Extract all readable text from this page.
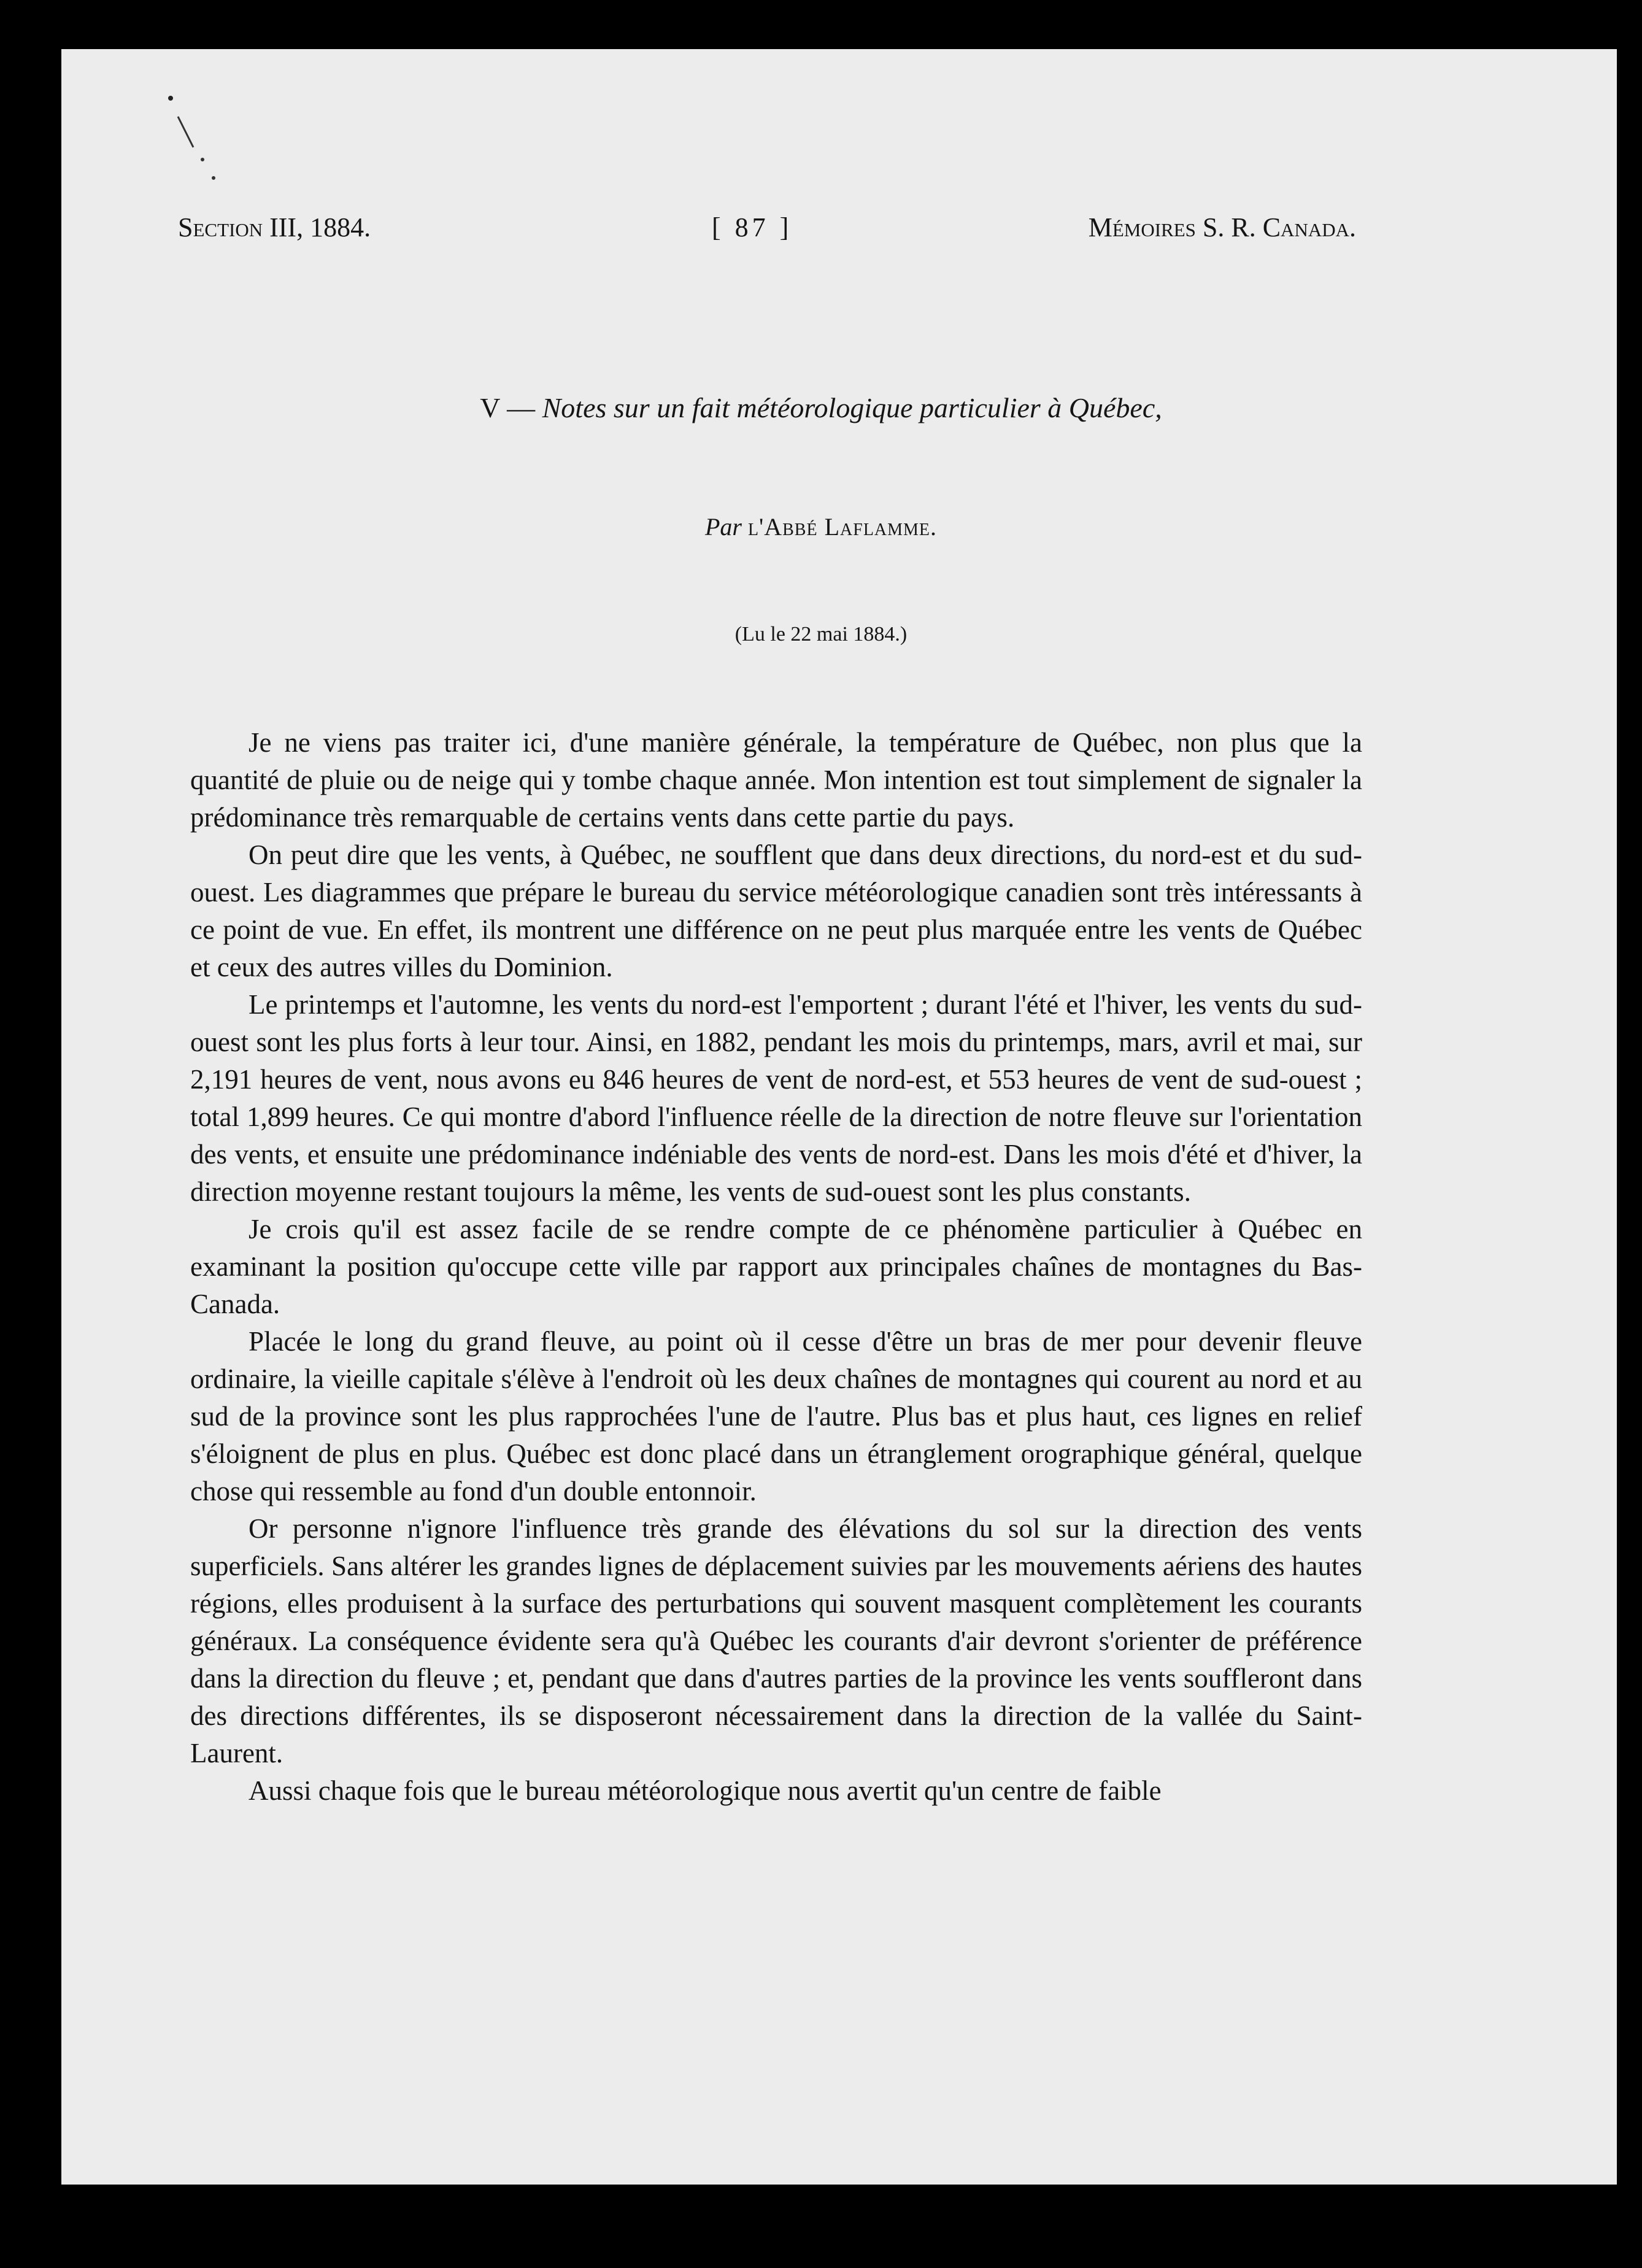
Section III, 1884.	[ 87 ]	Mémoires S. R. Canada.
V — Notes sur un fait météorologique particulier à Québec,
Par l'Abbé Laflamme.
(Lu le 22 mai 1884.)

Je ne viens pas traiter ici, d'une manière générale, la température de Québec, non plus que la quantité de pluie ou de neige qui y tombe chaque année. Mon intention est tout simplement de signaler la prédominance très remarquable de certains vents dans cette partie du pays.

On peut dire que les vents, à Québec, ne soufflent que dans deux directions, du nord-est et du sud-ouest. Les diagrammes que prépare le bureau du service météorologique canadien sont très intéressants à ce point de vue. En effet, ils montrent une différence on ne peut plus marquée entre les vents de Québec et ceux des autres villes du Dominion.

Le printemps et l'automne, les vents du nord-est l'emportent ; durant l'été et l'hiver, les vents du sud-ouest sont les plus forts à leur tour. Ainsi, en 1882, pendant les mois du printemps, mars, avril et mai, sur 2,191 heures de vent, nous avons eu 846 heures de vent de nord-est, et 553 heures de vent de sud-ouest ; total 1,899 heures. Ce qui montre d'abord l'influence réelle de la direction de notre fleuve sur l'orientation des vents, et ensuite une prédominance indéniable des vents de nord-est. Dans les mois d'été et d'hiver, la direction moyenne restant toujours la même, les vents de sud-ouest sont les plus constants.

Je crois qu'il est assez facile de se rendre compte de ce phénomène particulier à Québec en examinant la position qu'occupe cette ville par rapport aux principales chaînes de montagnes du Bas-Canada.

Placée le long du grand fleuve, au point où il cesse d'être un bras de mer pour devenir fleuve ordinaire, la vieille capitale s'élève à l'endroit où les deux chaînes de montagnes qui courent au nord et au sud de la province sont les plus rapprochées l'une de l'autre. Plus bas et plus haut, ces lignes en relief s'éloignent de plus en plus. Québec est donc placé dans un étranglement orographique général, quelque chose qui ressemble au fond d'un double entonnoir.

Or personne n'ignore l'influence très grande des élévations du sol sur la direction des vents superficiels. Sans altérer les grandes lignes de déplacement suivies par les mouvements aériens des hautes régions, elles produisent à la surface des perturbations qui souvent masquent complètement les courants généraux. La conséquence évidente sera qu'à Québec les courants d'air devront s'orienter de préférence dans la direction du fleuve ; et, pendant que dans d'autres parties de la province les vents souffleront dans des directions différentes, ils se disposeront nécessairement dans la direction de la vallée du Saint-Laurent.

Aussi chaque fois que le bureau météorologique nous avertit qu'un centre de faible
